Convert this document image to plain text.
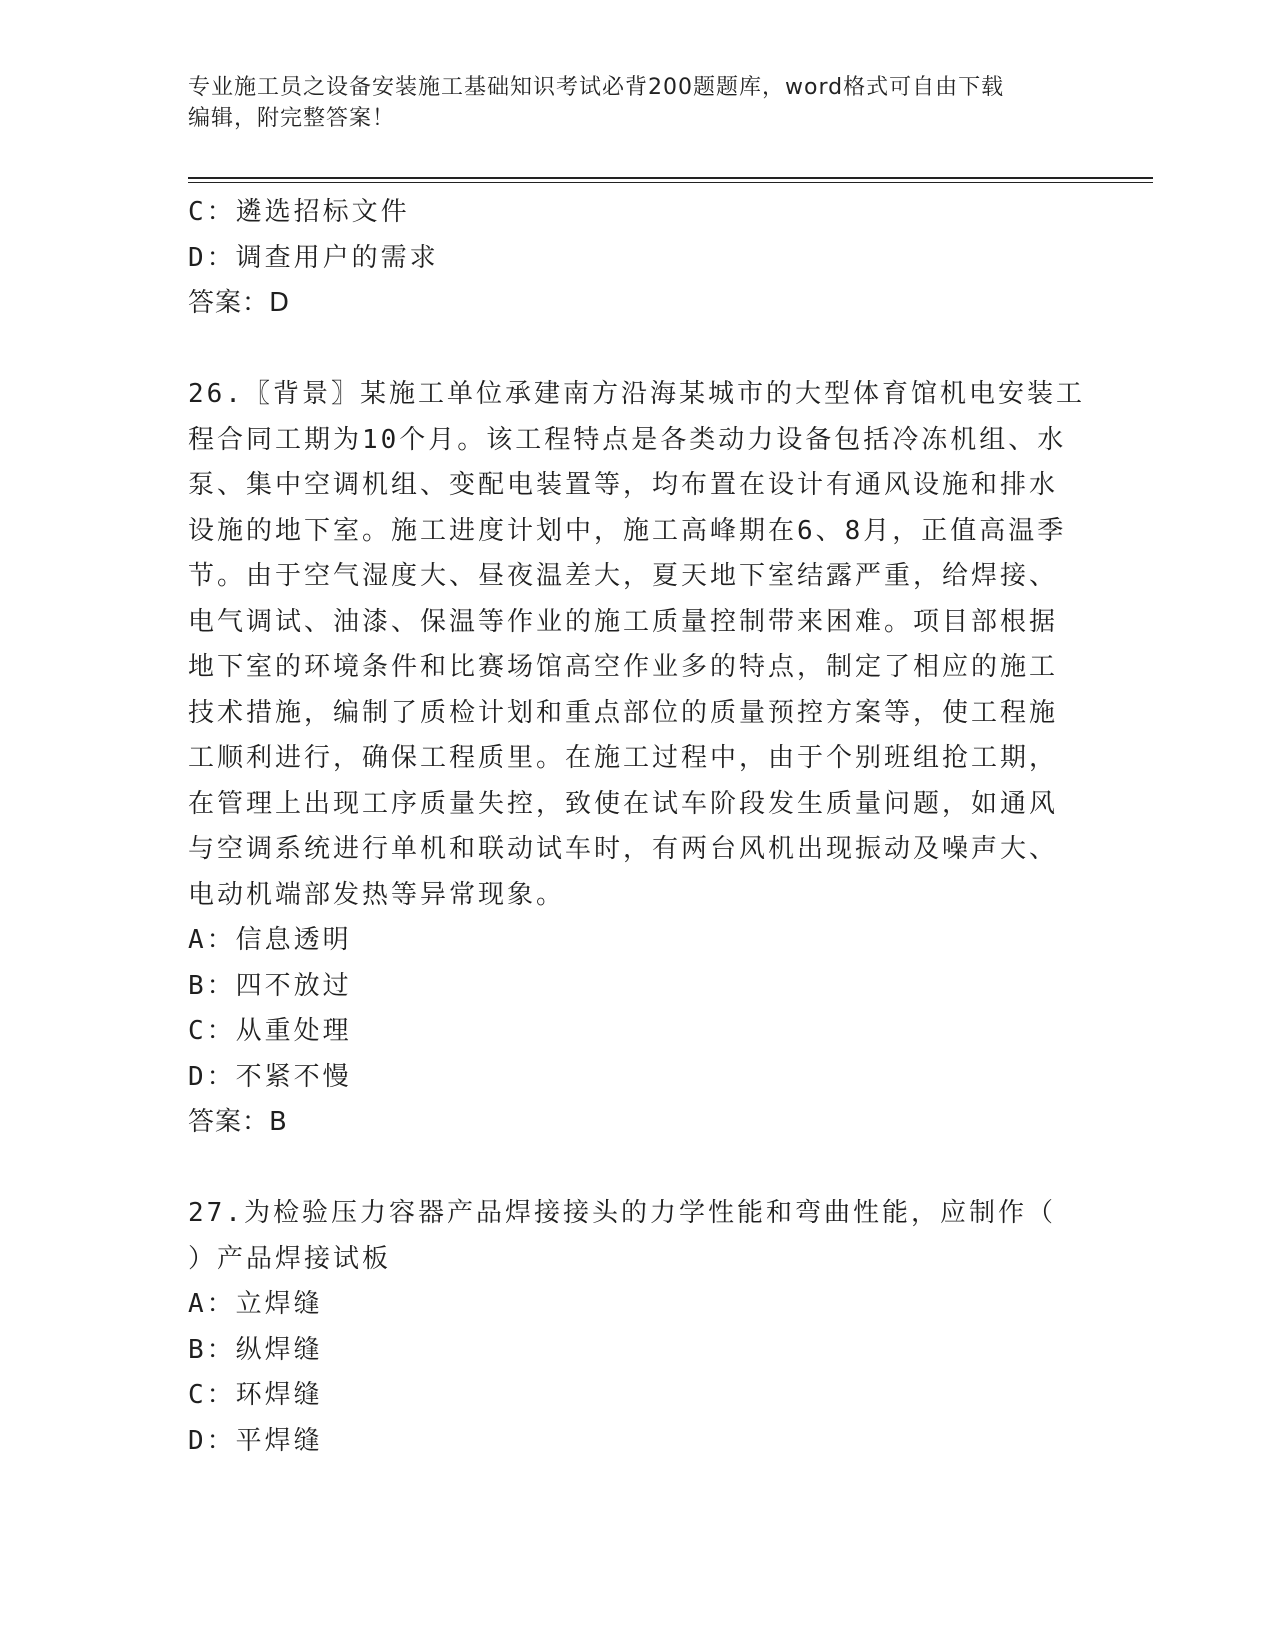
专业施工员之设备安装施工基础知识考试必背200题题库，word格式可自由下载
编辑，附完整答案！
C：遴选招标文件
D：调查用户的需求
答案：D
26.〖背景〗某施工单位承建南方沿海某城市的大型体育馆机电安装工
程合同工期为10个月。该工程特点是各类动力设备包括冷冻机组、水
泵、集中空调机组、变配电装置等，均布置在设计有通风设施和排水
设施的地下室。施工进度计划中，施工高峰期在6、8月，正值高温季
节。由于空气湿度大、昼夜温差大，夏天地下室结露严重，给焊接、
电气调试、油漆、保温等作业的施工质量控制带来困难。项目部根据
地下室的环境条件和比赛场馆高空作业多的特点，制定了相应的施工
技术措施，编制了质检计划和重点部位的质量预控方案等，使工程施
工顺利进行，确保工程质里。在施工过程中，由于个别班组抢工期，
在管理上出现工序质量失控，致使在试车阶段发生质量问题，如通风
与空调系统进行单机和联动试车时，有两台风机出现振动及噪声大、
电动机端部发热等异常现象。
A：信息透明
B：四不放过
C：从重处理
D：不紧不慢
答案：B
27.为检验压力容器产品焊接接头的力学性能和弯曲性能，应制作（
）产品焊接试板
A：立焊缝
B：纵焊缝
C：环焊缝
D：平焊缝
